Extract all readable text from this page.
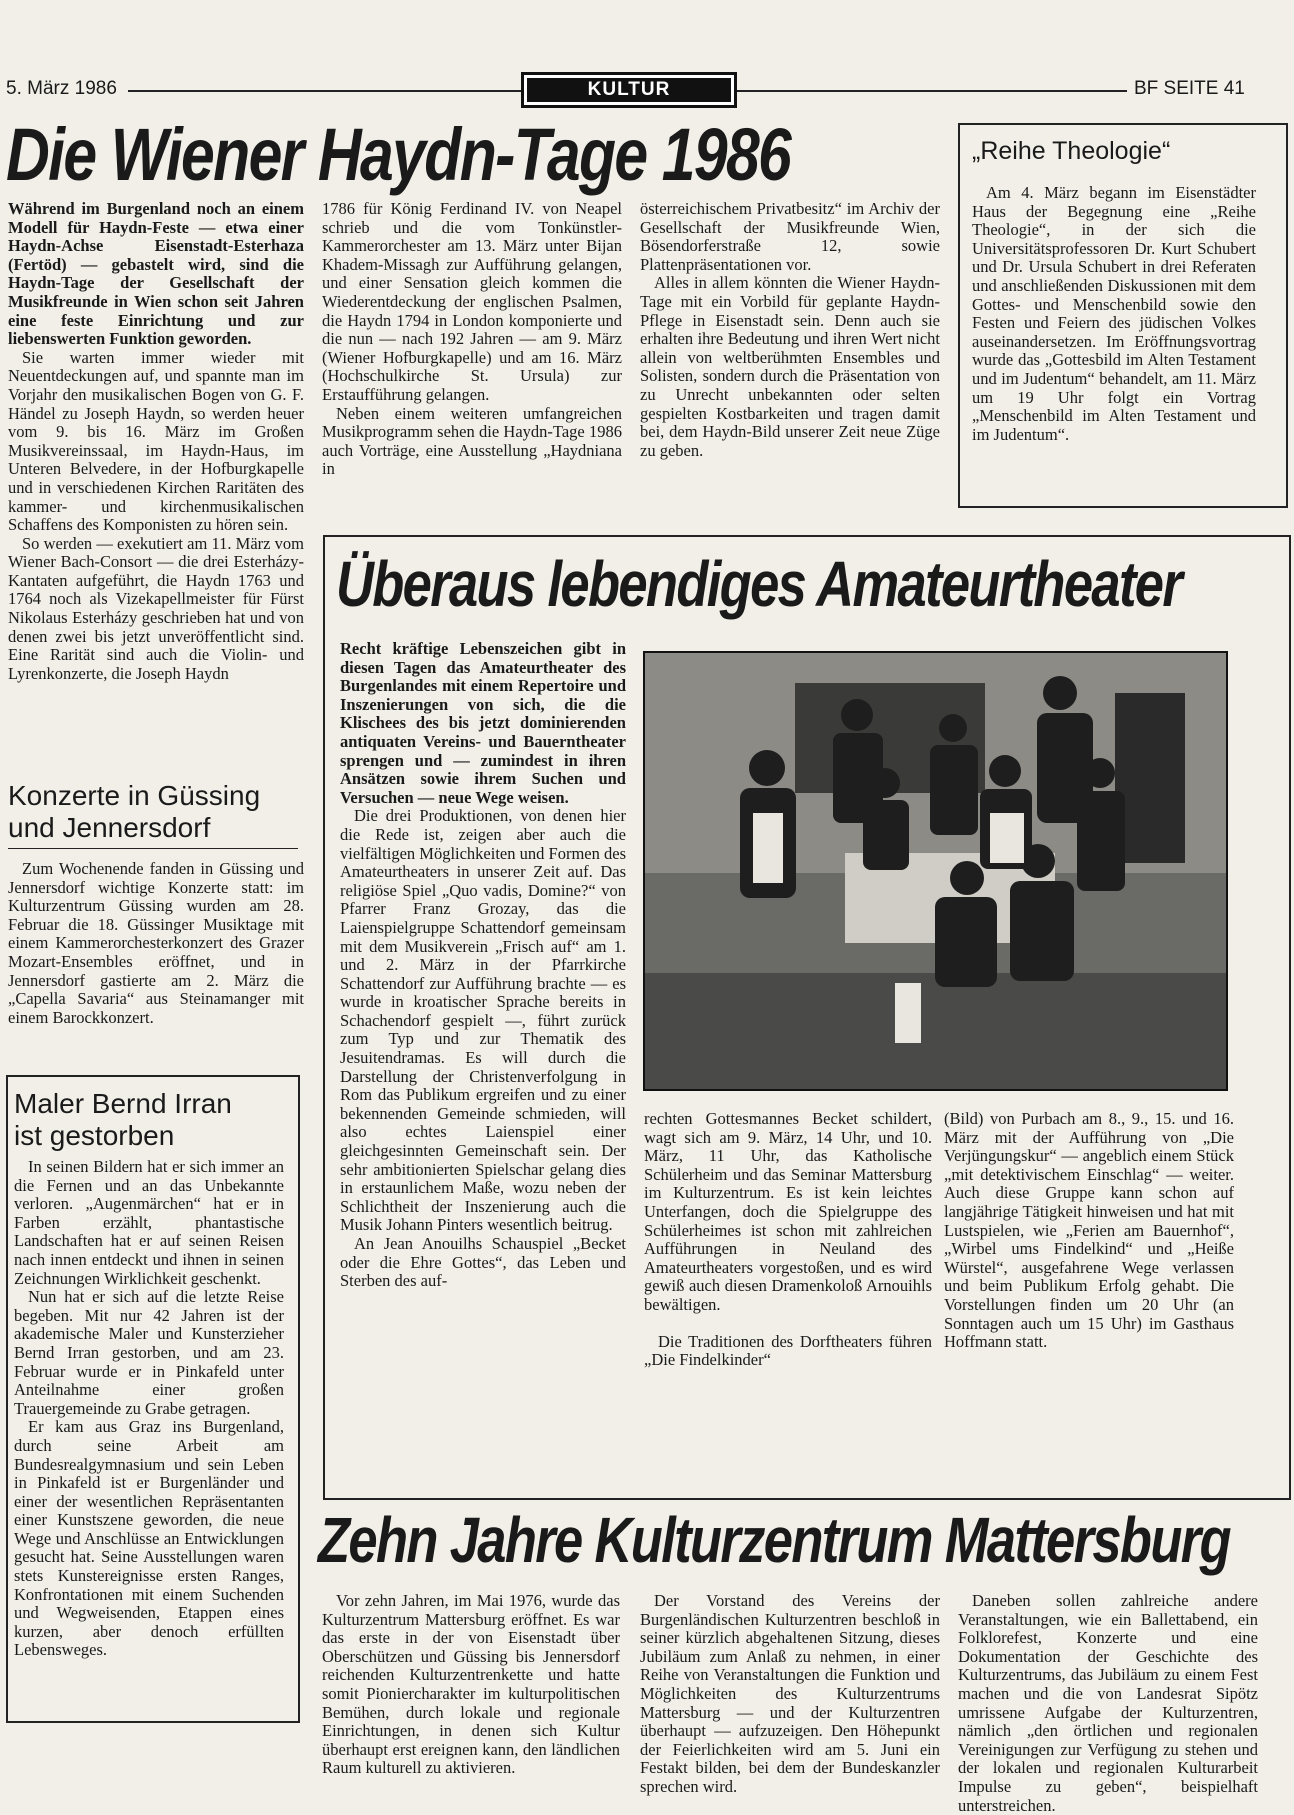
5. März 1986	KULTUR	BF SEITE 41
Die Wiener Haydn-Tage 1986

Während im Burgenland noch an einem Modell für Haydn-Feste — etwa einer Haydn-Achse Eisenstadt-Esterhaza (Fertöd) — gebastelt wird, sind die Haydn-Tage der Gesellschaft der Musikfreunde in Wien schon seit Jahren eine feste Einrichtung und zur liebenswerten Funktion geworden.

Sie warten immer wieder mit Neuentdeckungen auf, und spannte man im Vorjahr den musikalischen Bogen von G. F. Händel zu Joseph Haydn, so werden heuer vom 9. bis 16. März im Großen Musikvereinssaal, im Haydn-Haus, im Unteren Belvedere, in der Hofburgkapelle und in verschiedenen Kirchen Raritäten des kammer- und kirchenmusikalischen Schaffens des Komponisten zu hören sein.

So werden — exekutiert am 11. März vom Wiener Bach-Consort — die drei Esterházy-Kantaten aufgeführt, die Haydn 1763 und 1764 noch als Vizekapellmeister für Fürst Nikolaus Esterházy geschrieben hat und von denen zwei bis jetzt unveröffentlicht sind. Eine Rarität sind auch die Violin- und Lyrenkonzerte, die Joseph Haydn

1786 für König Ferdinand IV. von Neapel schrieb und die vom Tonkünstler-Kammerorchester am 13. März unter Bijan Khadem-Missagh zur Aufführung gelangen, und einer Sensation gleich kommen die Wiederentdeckung der englischen Psalmen, die Haydn 1794 in London komponierte und die nun — nach 192 Jahren — am 9. März (Wiener Hofburgkapelle) und am 16. März (Hochschulkirche St. Ursula) zur Erstaufführung gelangen.

Neben einem weiteren umfangreichen Musikprogramm sehen die Haydn-Tage 1986 auch Vorträge, eine Ausstellung „Haydniana in

österreichischem Privatbesitz“ im Archiv der Gesellschaft der Musikfreunde Wien, Bösendorferstraße 12, sowie Plattenpräsentationen vor.

Alles in allem könnten die Wiener Haydn-Tage mit ein Vorbild für geplante Haydn-Pflege in Eisenstadt sein. Denn auch sie erhalten ihre Bedeutung und ihren Wert nicht allein von weltberühmten Ensembles und Solisten, sondern durch die Präsentation von zu Unrecht unbekannten oder selten gespielten Kostbarkeiten und tragen damit bei, dem Haydn-Bild unserer Zeit neue Züge zu geben.

„Reihe Theologie“

Am 4. März begann im Eisenstädter Haus der Begegnung eine „Reihe Theologie“, in der sich die Universitätsprofessoren Dr. Kurt Schubert und Dr. Ursula Schubert in drei Referaten und anschließenden Diskussionen mit dem Gottes- und Menschenbild sowie den Festen und Feiern des jüdischen Volkes auseinandersetzen. Im Eröffnungsvortrag wurde das „Gottesbild im Alten Testament und im Judentum“ behandelt, am 11. März um 19 Uhr folgt ein Vortrag „Menschenbild im Alten Testament und im Judentum“.

Konzerte in Güssing und Jennersdorf

Zum Wochenende fanden in Güssing und Jennersdorf wichtige Konzerte statt: im Kulturzentrum Güssing wurden am 28. Februar die 18. Güssinger Musiktage mit einem Kammerorchesterkonzert des Grazer Mozart-Ensembles eröffnet, und in Jennersdorf gastierte am 2. März die „Capella Savaria“ aus Steinamanger mit einem Barockkonzert.

Maler Bernd Irran ist gestorben

In seinen Bildern hat er sich immer an die Fernen und an das Unbekannte verloren. „Augenmärchen“ hat er in Farben erzählt, phantastische Landschaften hat er auf seinen Reisen nach innen entdeckt und ihnen in seinen Zeichnungen Wirklichkeit geschenkt.

Nun hat er sich auf die letzte Reise begeben. Mit nur 42 Jahren ist der akademische Maler und Kunsterzieher Bernd Irran gestorben, und am 23. Februar wurde er in Pinkafeld unter Anteilnahme einer großen Trauergemeinde zu Grabe getragen.

Er kam aus Graz ins Burgenland, durch seine Arbeit am Bundesrealgymnasium und sein Leben in Pinkafeld ist er Burgenländer und einer der wesentlichen Repräsentanten einer Kunstszene geworden, die neue Wege und Anschlüsse an Entwicklungen gesucht hat. Seine Ausstellungen waren stets Kunstereignisse ersten Ranges, Konfrontationen mit einem Suchenden und Wegweisenden, Etappen eines kurzen, aber denoch erfüllten Lebensweges.

Überaus lebendiges Amateurtheater

Recht kräftige Lebenszeichen gibt in diesen Tagen das Amateurtheater des Burgenlandes mit einem Repertoire und Inszenierungen von sich, die die Klischees des bis jetzt dominierenden antiquaten Vereins- und Bauerntheater sprengen und — zumindest in ihren Ansätzen sowie ihrem Suchen und Versuchen — neue Wege weisen.

Die drei Produktionen, von denen hier die Rede ist, zeigen aber auch die vielfältigen Möglichkeiten und Formen des Amateurtheaters in unserer Zeit auf. Das religiöse Spiel „Quo vadis, Domine?“ von Pfarrer Franz Grozay, das die Laienspielgruppe Schattendorf gemeinsam mit dem Musikverein „Frisch auf“ am 1. und 2. März in der Pfarrkirche Schattendorf zur Aufführung brachte — es wurde in kroatischer Sprache bereits in Schachendorf gespielt —, führt zurück zum Typ und zur Thematik des Jesuitendramas. Es will durch die Darstellung der Christenverfolgung in Rom das Publikum ergreifen und zu einer bekennenden Gemeinde schmieden, will also echtes Laienspiel einer gleichgesinnten Gemeinschaft sein. Der sehr ambitionierten Spielschar gelang dies in erstaunlichem Maße, wozu neben der Schlichtheit der Inszenierung auch die Musik Johann Pinters wesentlich beitrug.

An Jean Anouilhs Schauspiel „Becket oder die Ehre Gottes“, das Leben und Sterben des auf-

rechten Gottesmannes Becket schildert, wagt sich am 9. März, 14 Uhr, und 10. März, 11 Uhr, das Katholische Schülerheim und das Seminar Mattersburg im Kulturzentrum. Es ist kein leichtes Unterfangen, doch die Spielgruppe des Schülerheimes ist schon mit zahlreichen Aufführungen in Neuland des Amateurtheaters vorgestoßen, und es wird gewiß auch diesen Dramenkoloß Arnouihls bewältigen.

Die Traditionen des Dorftheaters führen „Die Findelkinder“

(Bild) von Purbach am 8., 9., 15. und 16. März mit der Aufführung von „Die Verjüngungskur“ — angeblich einem Stück „mit detektivischem Einschlag“ — weiter. Auch diese Gruppe kann schon auf langjährige Tätigkeit hinweisen und hat mit Lustspielen, wie „Ferien am Bauernhof“, „Wirbel ums Findelkind“ und „Heiße Würstel“, ausgefahrene Wege verlassen und beim Publikum Erfolg gehabt. Die Vorstellungen finden um 20 Uhr (an Sonntagen auch um 15 Uhr) im Gasthaus Hoffmann statt.

Zehn Jahre Kulturzentrum Mattersburg

Vor zehn Jahren, im Mai 1976, wurde das Kulturzentrum Mattersburg eröffnet. Es war das erste in der von Eisenstadt über Oberschützen und Güssing bis Jennersdorf reichenden Kulturzentrenkette und hatte somit Pioniercharakter im kulturpolitischen Bemühen, durch lokale und regionale Einrichtungen, in denen sich Kultur überhaupt erst ereignen kann, den ländlichen Raum kulturell zu aktivieren.

Der Vorstand des Vereins der Burgenländischen Kulturzentren beschloß in seiner kürzlich abgehaltenen Sitzung, dieses Jubiläum zum Anlaß zu nehmen, in einer Reihe von Veranstaltungen die Funktion und Möglichkeiten des Kulturzentrums Mattersburg — und der Kulturzentren überhaupt — aufzuzeigen. Den Höhepunkt der Feierlichkeiten wird am 5. Juni ein Festakt bilden, bei dem der Bundeskanzler sprechen wird.

Daneben sollen zahlreiche andere Veranstaltungen, wie ein Ballettabend, ein Folklorefest, Konzerte und eine Dokumentation der Geschichte des Kulturzentrums, das Jubiläum zu einem Fest machen und die von Landesrat Sipötz umrissene Aufgabe der Kulturzentren, nämlich „den örtlichen und regionalen Vereinigungen zur Verfügung zu stehen und der lokalen und regionalen Kulturarbeit Impulse zu geben“, beispielhaft unterstreichen.
